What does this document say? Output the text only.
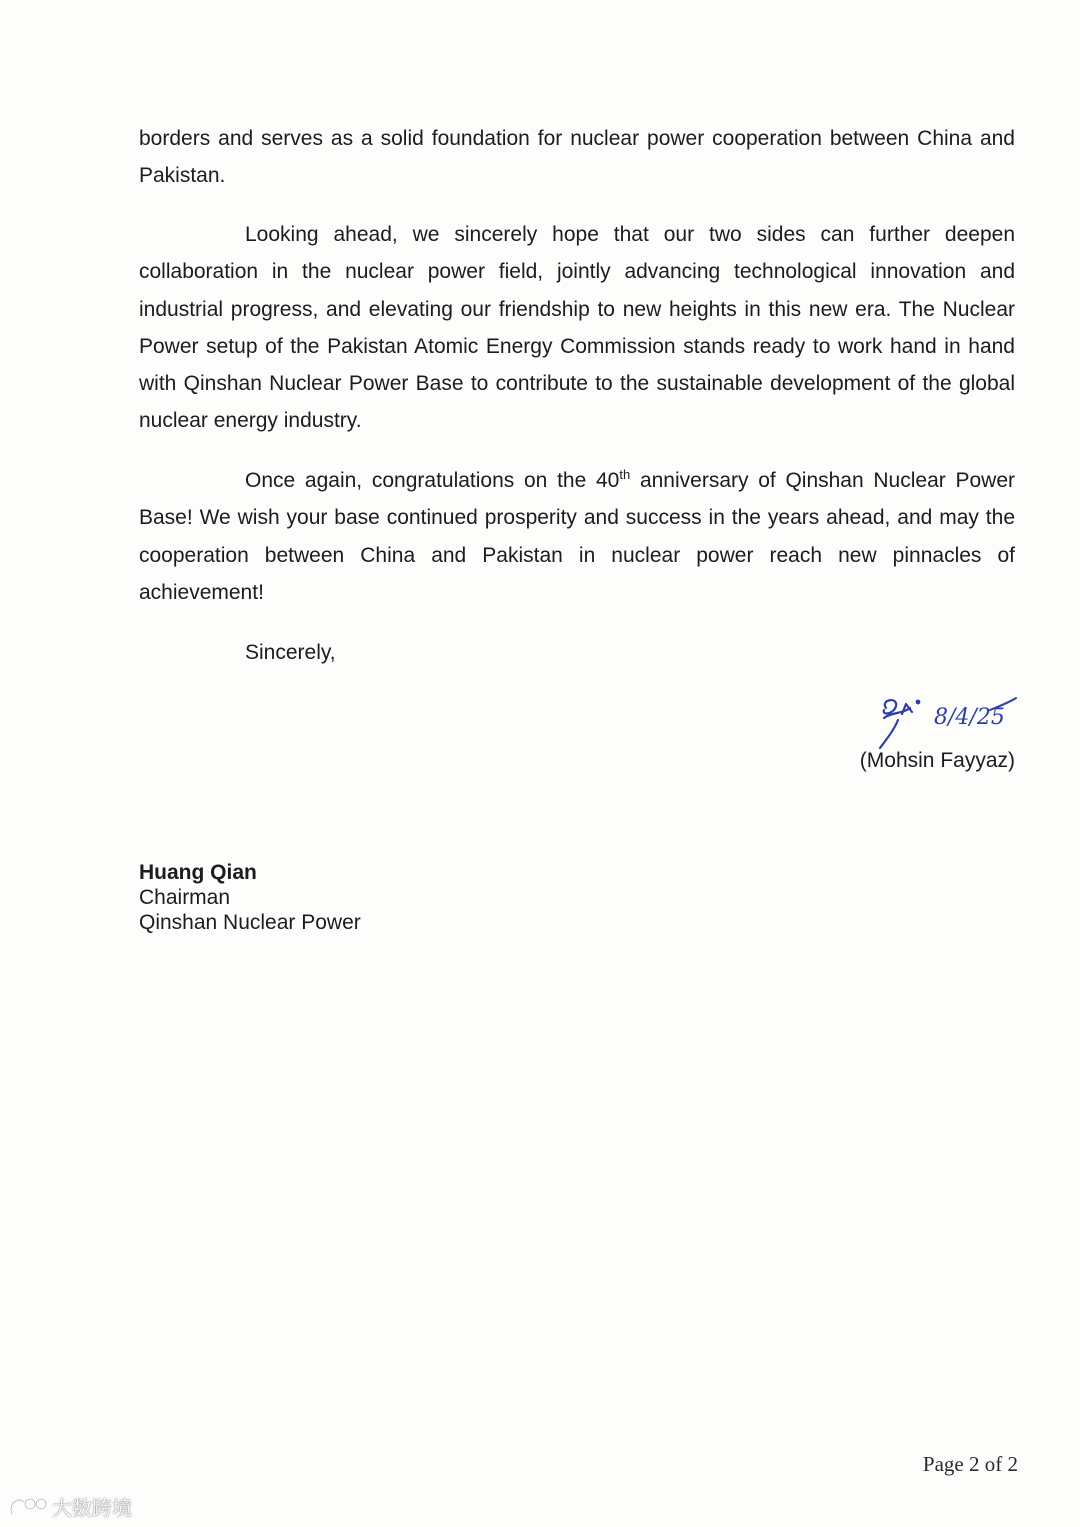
borders and serves as a solid foundation for nuclear power cooperation between China and Pakistan.

Looking ahead, we sincerely hope that our two sides can further deepen collaboration in the nuclear power field, jointly advancing technological innovation and industrial progress, and elevating our friendship to new heights in this new era. The Nuclear Power setup of the Pakistan Atomic Energy Commission stands ready to work hand in hand with Qinshan Nuclear Power Base to contribute to the sustainable development of the global nuclear energy industry.

Once again, congratulations on the 40th anniversary of Qinshan Nuclear Power Base! We wish your base continued prosperity and success in the years ahead, and may the cooperation between China and Pakistan in nuclear power reach new pinnacles of achievement!

Sincerely,

8/4/25
(Mohsin Fayyaz)
Huang Qian
Chairman
Qinshan Nuclear Power
Page 2 of 2
大数跨境
